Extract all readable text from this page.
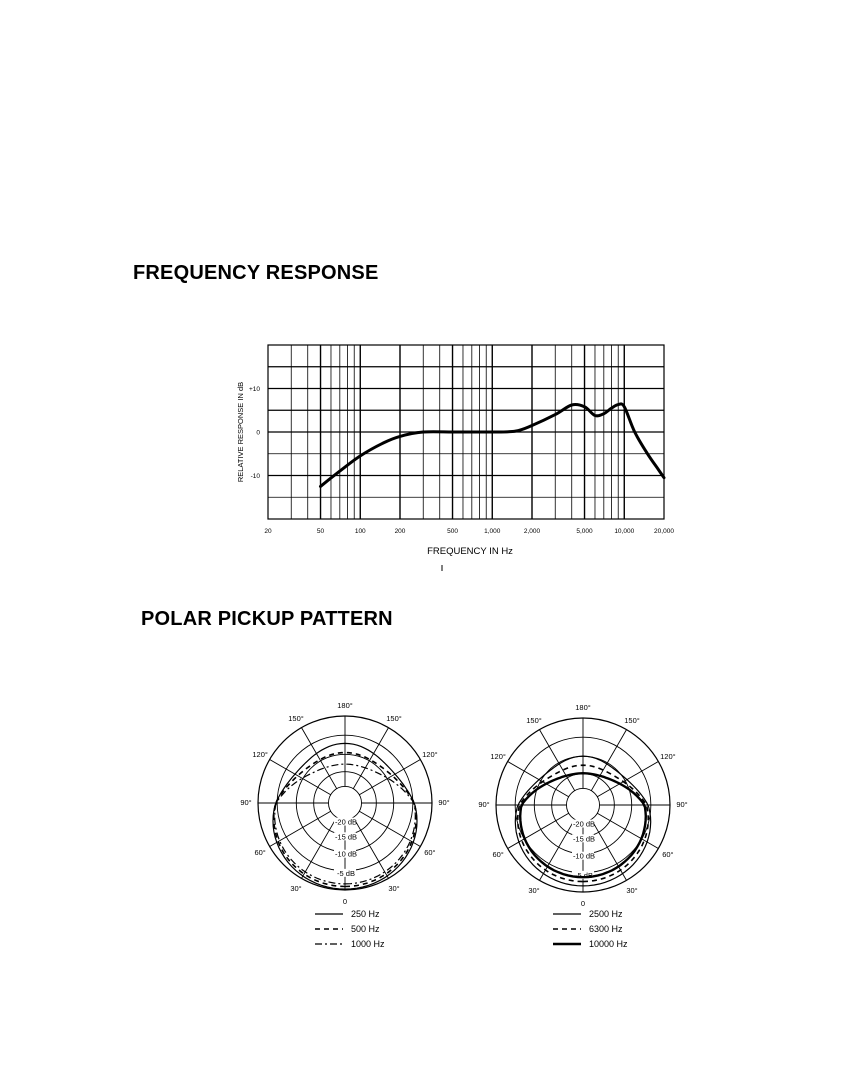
FREQUENCY RESPONSE
POLAR PICKUP PATTERN
20	50	100	200	500	1,000	2,000	5,000	10,000	20,000
+10
0
-10
FREQUENCY IN Hz
RELATIVE RESPONSE IN dB
180°
150°	150°
120°	120°
90°	90°
60°	60°
30°	30°
0
-20 dB
-15 dB
-10 dB
-5 dB
250 Hz
500 Hz
1000 Hz
180°
150°	150°
120°	120°
90°	90°
60°	60°
30°	30°
0
-20 dB
-15 dB
-10 dB
-5 dB
2500 Hz
6300 Hz
10000 Hz
